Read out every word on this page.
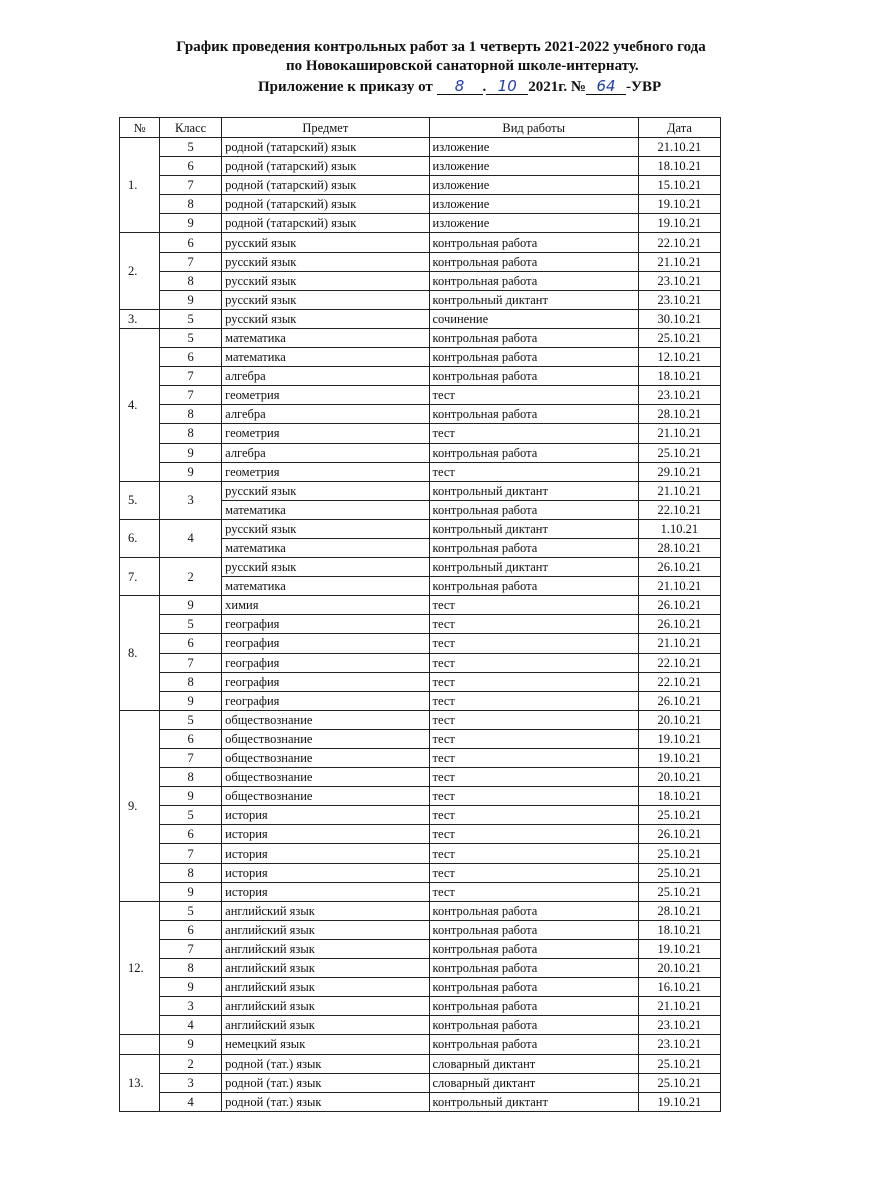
График проведения контрольных работ за 1 четверть 2021-2022 учебного года
по Новокашировской санаторной школе-интернату.
Приложение к приказу от 8 . 10 2021г. № 64 -УВР
№	Класс	Предмет	Вид работы	Дата
1.	5	родной (татарский) язык	изложение	21.10.21
	6	родной (татарский) язык	изложение	18.10.21
	7	родной (татарский) язык	изложение	15.10.21
	8	родной (татарский) язык	изложение	19.10.21
	9	родной (татарский) язык	изложение	19.10.21
2.	6	русский язык	контрольная работа	22.10.21
	7	русский язык	контрольная работа	21.10.21
	8	русский язык	контрольная работа	23.10.21
	9	русский язык	контрольный диктант	23.10.21
3.	5	русский язык	сочинение	30.10.21
4.	5	математика	контрольная работа	25.10.21
	6	математика	контрольная работа	12.10.21
	7	алгебра	контрольная работа	18.10.21
	7	геометрия	тест	23.10.21
	8	алгебра	контрольная работа	28.10.21
	8	геометрия	тест	21.10.21
	9	алгебра	контрольная работа	25.10.21
	9	геометрия	тест	29.10.21
5.	3	русский язык	контрольный диктант	21.10.21
		математика	контрольная работа	22.10.21
6.	4	русский язык	контрольный диктант	1.10.21
		математика	контрольная работа	28.10.21
7.	2	русский язык	контрольный диктант	26.10.21
		математика	контрольная работа	21.10.21
8.	9	химия	тест	26.10.21
	5	география	тест	26.10.21
	6	география	тест	21.10.21
	7	география	тест	22.10.21
	8	география	тест	22.10.21
	9	география	тест	26.10.21
9.	5	обществознание	тест	20.10.21
	6	обществознание	тест	19.10.21
	7	обществознание	тест	19.10.21
	8	обществознание	тест	20.10.21
	9	обществознание	тест	18.10.21
	5	история	тест	25.10.21
	6	история	тест	26.10.21
	7	история	тест	25.10.21
	8	история	тест	25.10.21
	9	история	тест	25.10.21
12.	5	английский язык	контрольная работа	28.10.21
	6	английский язык	контрольная работа	18.10.21
	7	английский язык	контрольная работа	19.10.21
	8	английский язык	контрольная работа	20.10.21
	9	английский язык	контрольная работа	16.10.21
	3	английский язык	контрольная работа	21.10.21
	4	английский язык	контрольная работа	23.10.21
	9	немецкий язык	контрольная работа	23.10.21
13.	2	родной (тат.) язык	словарный диктант	25.10.21
	3	родной (тат.) язык	словарный диктант	25.10.21
	4	родной (тат.) язык	контрольный диктант	19.10.21
